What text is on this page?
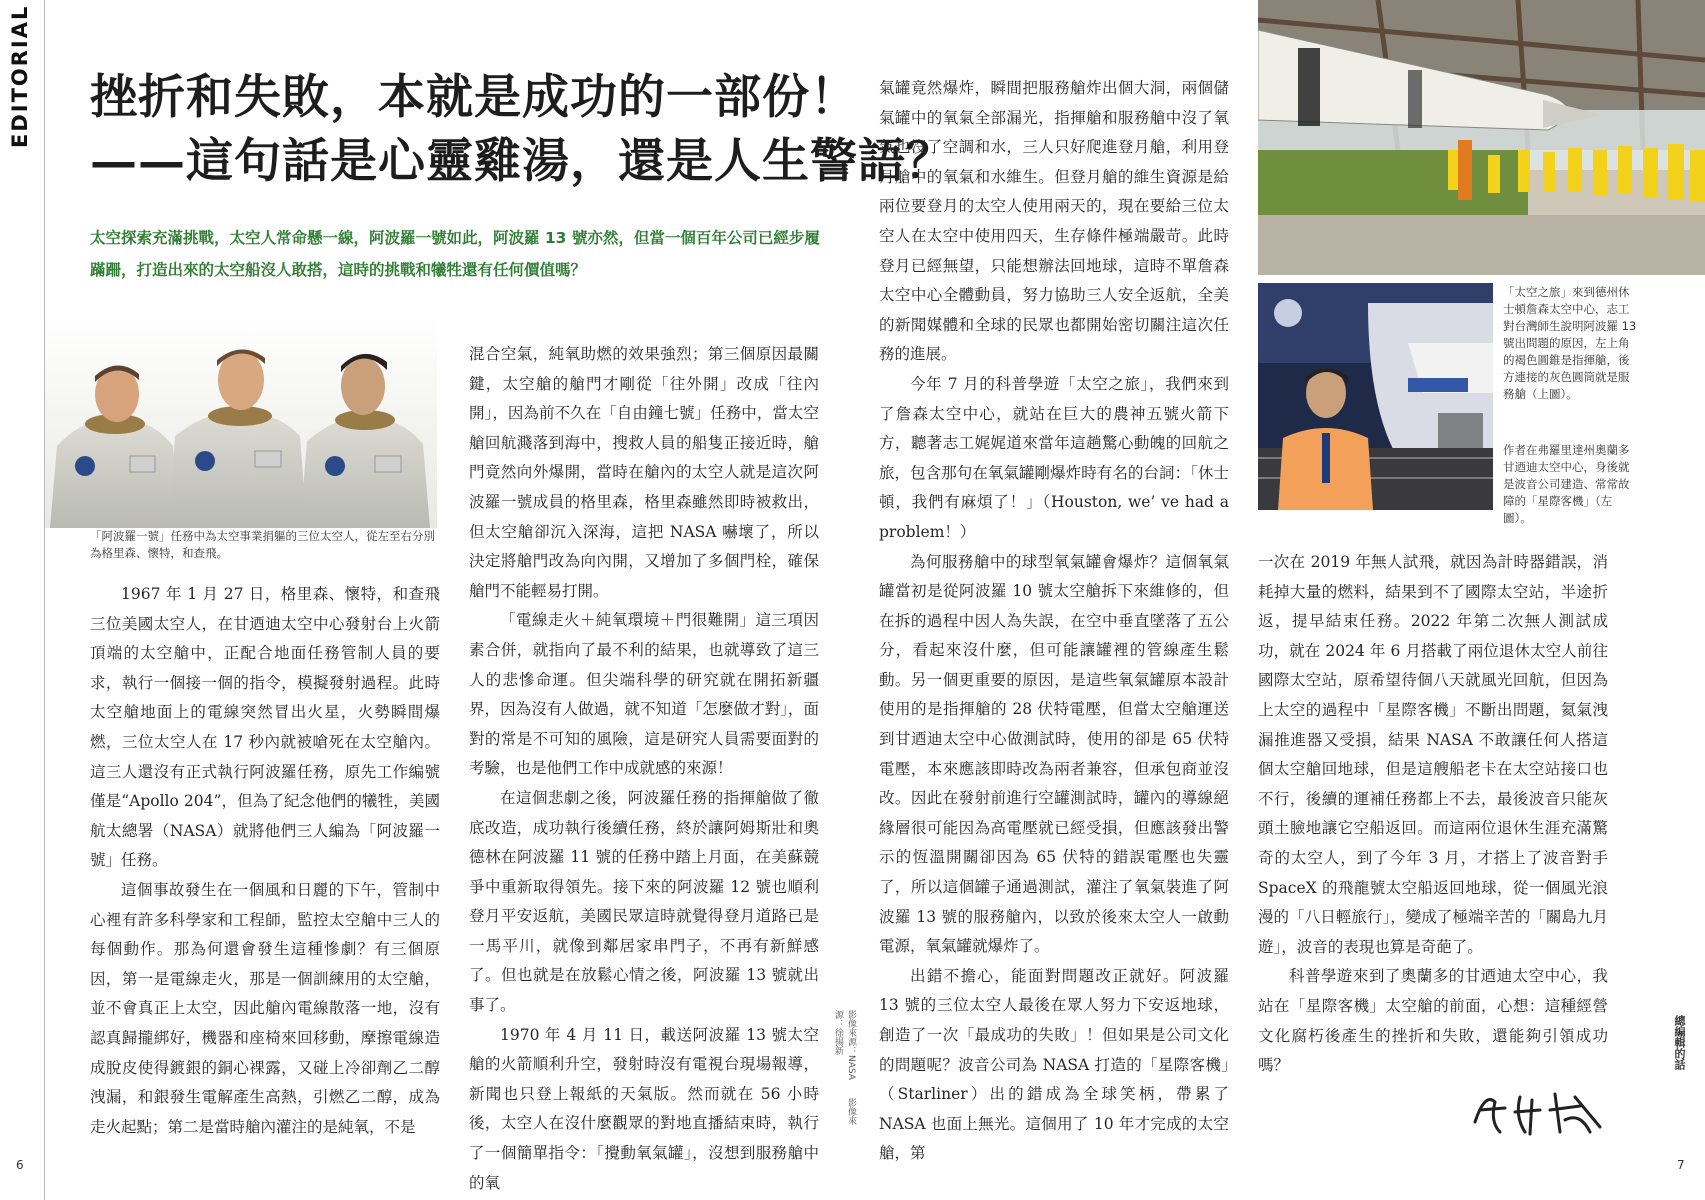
EDITORIAL 挫折和失敗，本就是成功的一部份！
——這句話是心靈雞湯，還是人生警語？
太空探索充滿挑戰，太空人常命懸一線，阿波羅一號如此，阿波羅 13 號亦然，但當一個百年公司已經步履蹣跚，打造出來的太空船沒人敢搭，這時的挑戰和犧牲還有任何價值嗎？
「阿波羅一號」任務中為太空事業捐軀的三位太空人，從左至右分別為格里森、懷特，和查飛。

1967 年 1 月 27 日，格里森、懷特，和查飛三位美國太空人，在甘迺迪太空中心發射台上火箭頂端的太空艙中，正配合地面任務管制人員的要求，執行一個接一個的指令，模擬發射過程。此時太空艙地面上的電線突然冒出火星，火勢瞬間爆燃，三位太空人在 17 秒內就被嗆死在太空艙內。這三人還沒有正式執行阿波羅任務，原先工作編號僅是“Apollo 204”，但為了紀念他們的犧牲，美國航太總署（NASA）就將他們三人編為「阿波羅一號」任務。

這個事故發生在一個風和日麗的下午，管制中心裡有許多科學家和工程師，監控太空艙中三人的每個動作。那為何還會發生這種慘劇？有三個原因，第一是電線走火，那是一個訓練用的太空艙，並不會真正上太空，因此艙內電線散落一地，沒有認真歸攏綁好，機器和座椅來回移動，摩擦電線造成脫皮使得鍍銀的銅心裸露，又碰上冷卻劑乙二醇洩漏，和銀發生電解產生高熱，引燃乙二醇，成為走火起點；第二是當時艙內灌注的是純氧，不是

混合空氣，純氧助燃的效果強烈；第三個原因最關鍵，太空艙的艙門才剛從「往外開」改成「往內開」，因為前不久在「自由鐘七號」任務中，當太空艙回航濺落到海中，搜救人員的船隻正接近時，艙門竟然向外爆開，當時在艙內的太空人就是這次阿波羅一號成員的格里森，格里森雖然即時被救出，但太空艙卻沉入深海，這把 NASA 嚇壞了，所以決定將艙門改為向內開，又增加了多個門栓，確保艙門不能輕易打開。

「電線走火＋純氧環境＋門很難開」這三項因素合併，就指向了最不利的結果，也就導致了這三人的悲慘命運。但尖端科學的研究就在開拓新疆界，因為沒有人做過，就不知道「怎麼做才對」，面對的常是不可知的風險，這是研究人員需要面對的考驗，也是他們工作中成就感的來源！

在這個悲劇之後，阿波羅任務的指揮艙做了徹底改造，成功執行後續任務，終於讓阿姆斯壯和奧德林在阿波羅 11 號的任務中踏上月面，在美蘇競爭中重新取得領先。接下來的阿波羅 12 號也順利登月平安返航，美國民眾這時就覺得登月道路已是一馬平川，就像到鄰居家串門子，不再有新鮮感了。但也就是在放鬆心情之後，阿波羅 13 號就出事了。

1970 年 4 月 11 日，載送阿波羅 13 號太空艙的火箭順利升空，發射時沒有電視台現場報導，新聞也只登上報紙的天氣版。然而就在 56 小時後，太空人在沒什麼觀眾的對地直播結束時，執行了一個簡單指令：「攪動氧氣罐」，沒想到服務艙中的氧

影像來源：NASA　　影像來源：徐揚新

氣罐竟然爆炸，瞬間把服務艙炸出個大洞，兩個儲氣罐中的氧氣全部漏光，指揮艙和服務艙中沒了氧氣也沒了空調和水，三人只好爬進登月艙，利用登月艙中的氧氣和水維生。但登月艙的維生資源是給兩位要登月的太空人使用兩天的，現在要給三位太空人在太空中使用四天，生存條件極端嚴苛。此時登月已經無望，只能想辦法回地球，這時不單詹森太空中心全體動員，努力協助三人安全返航，全美的新聞媒體和全球的民眾也都開始密切關注這次任務的進展。

今年 7 月的科普學遊「太空之旅」，我們來到了詹森太空中心，就站在巨大的農神五號火箭下方，聽著志工娓娓道來當年這趟驚心動魄的回航之旅，包含那句在氧氣罐剛爆炸時有名的台詞：「休士頓，我們有麻煩了！」（Houston, we’ ve had a problem！）

為何服務艙中的球型氧氣罐會爆炸？這個氧氣罐當初是從阿波羅 10 號太空艙拆下來維修的，但在拆的過程中因人為失誤，在空中垂直墜落了五公分，看起來沒什麼，但可能讓罐裡的管線產生鬆動。另一個更重要的原因，是這些氧氣罐原本設計使用的是指揮艙的 28 伏特電壓，但當太空艙運送到甘迺迪太空中心做測試時，使用的卻是 65 伏特電壓，本來應該即時改為兩者兼容，但承包商並沒改。因此在發射前進行空罐測試時，罐內的導線絕緣層很可能因為高電壓就已經受損，但應該發出警示的恆溫開關卻因為 65 伏特的錯誤電壓也失靈了，所以這個罐子通過測試，灌注了氧氣裝進了阿波羅 13 號的服務艙內，以致於後來太空人一啟動電源，氧氣罐就爆炸了。

出錯不擔心，能面對問題改正就好。阿波羅 13 號的三位太空人最後在眾人努力下安返地球，創造了一次「最成功的失敗」！但如果是公司文化的問題呢？波音公司為 NASA 打造的「星際客機」（Starliner）出的錯成為全球笑柄，帶累了 NASA 也面上無光。這個用了 10 年才完成的太空艙，第

「太空之旅」來到德州休士頓詹森太空中心，志工對台灣師生說明阿波羅 13 號出問題的原因，左上角的褐色圓錐是指揮艙，後方連接的灰色圓筒就是服務艙（上圖）。
作者在弗羅里達州奧蘭多甘迺迪太空中心，身後就是波音公司建造、常常故障的「星際客機」（左圖）。

一次在 2019 年無人試飛，就因為計時器錯誤，消耗掉大量的燃料，結果到不了國際太空站，半途折返，提早結束任務。2022 年第二次無人測試成功，就在 2024 年 6 月搭載了兩位退休太空人前往國際太空站，原希望待個八天就風光回航，但因為上太空的過程中「星際客機」不斷出問題，氦氣洩漏推進器又受損，結果 NASA 不敢讓任何人搭這個太空艙回地球，但是這艘船老卡在太空站接口也不行，後續的運補任務都上不去，最後波音只能灰頭土臉地讓它空船返回。而這兩位退休生涯充滿驚奇的太空人，到了今年 3 月，才搭上了波音對手 SpaceX 的飛龍號太空船返回地球，從一個風光浪漫的「八日輕旅行」，變成了極端辛苦的「關島九月遊」，波音的表現也算是奇葩了。

科普學遊來到了奧蘭多的甘迺迪太空中心，我站在「星際客機」太空艙的前面，心想：這種經營文化腐朽後產生的挫折和失敗，還能夠引領成功嗎？	總編輯的話
6	7
